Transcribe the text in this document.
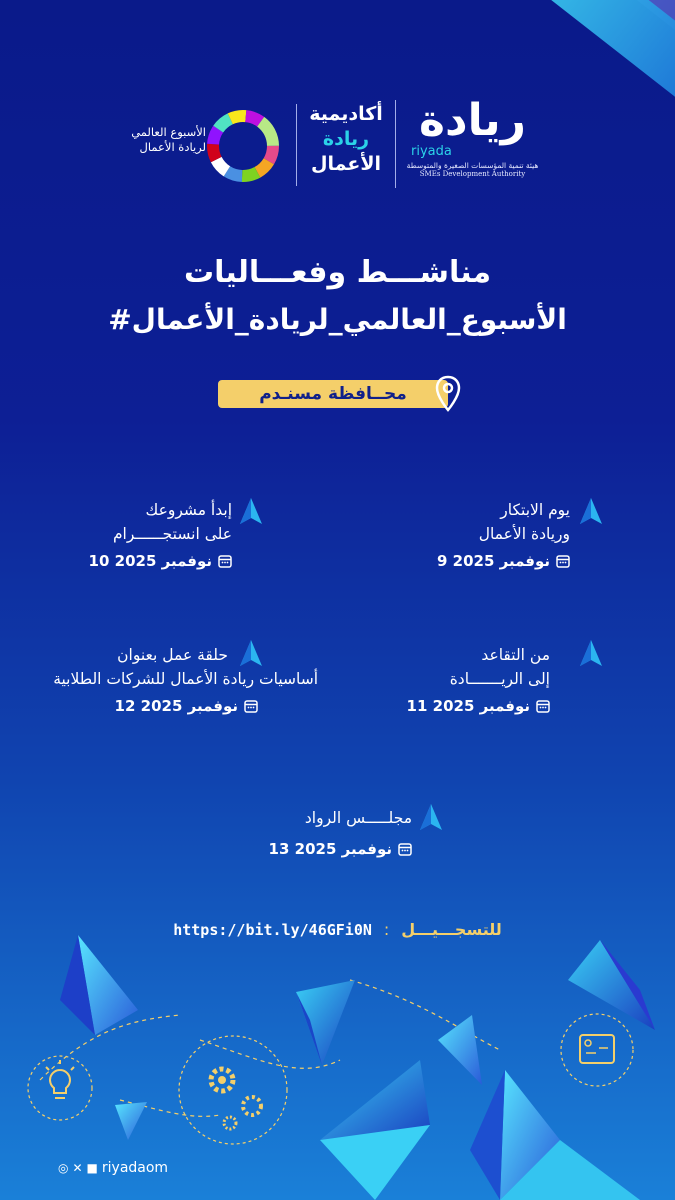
ريادة
riyada
هيئة تنمية المؤسسات الصغيرة والمتوسطة
SMEs Development Authority
أكاديمية
ريادة
الأعمال
الأسبوع العالمي
لريادة الأعمال
مناشـــط وفعـــاليات
#الأسبوع_العالمي_لريادة_الأعمال
محــافظة مسنـدم
يوم الابتكار
وريادة الأعمال
9 نوفمبر 2025
إبدأ مشروعك
على انستجــــــرام
10 نوفمبر 2025
من التقاعد
إلى الريـــــــادة
11 نوفمبر 2025
حلقة عمل بعنوان
أساسيات ريادة الأعمال للشركات الطلابية
12 نوفمبر 2025
مجلـــــس الرواد
13 نوفمبر 2025
https://bit.ly/46GFi0N : للتسجـــيـــل
◎ ✕ ■ riyadaom
